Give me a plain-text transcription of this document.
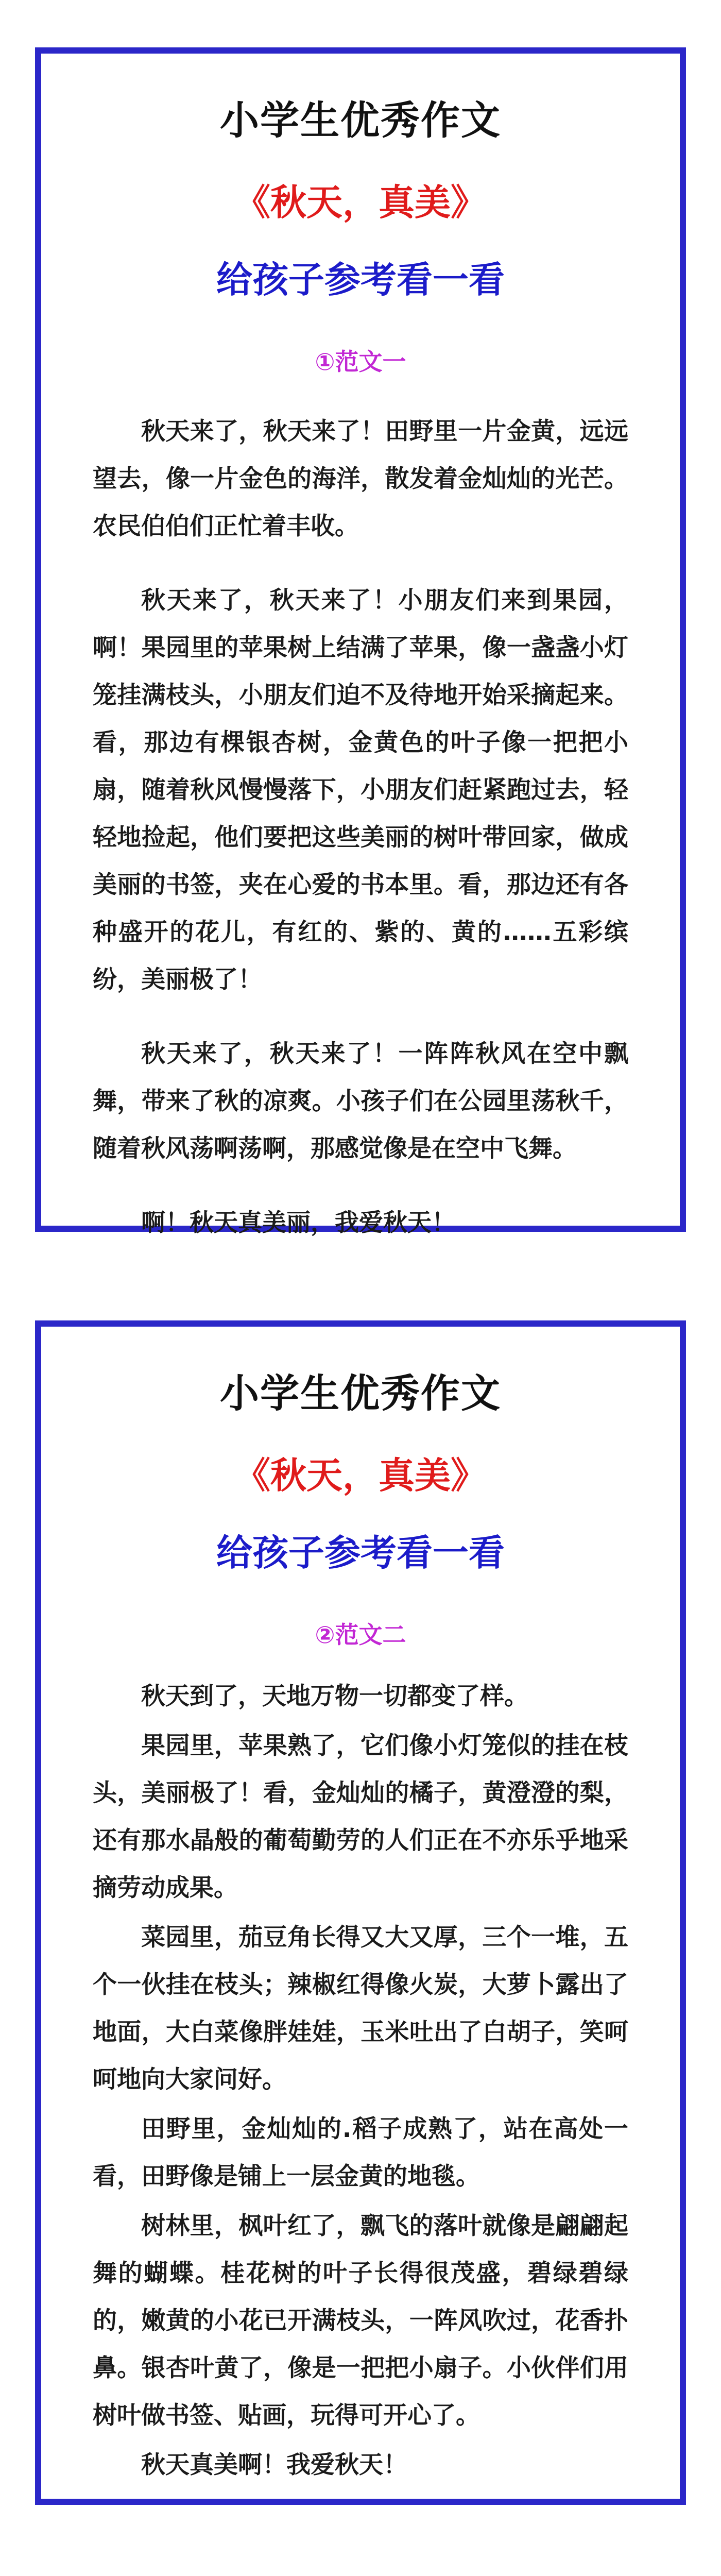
小学生优秀作文
《秋天，真美》
给孩子参考看一看
①范文一

秋天来了，秋天来了！田野里一片金黄，远远望去，像一片金色的海洋，散发着金灿灿的光芒。农民伯伯们正忙着丰收。

秋天来了，秋天来了！小朋友们来到果园，啊！果园里的苹果树上结满了苹果，像一盏盏小灯笼挂满枝头，小朋友们迫不及待地开始采摘起来。看，那边有棵银杏树，金黄色的叶子像一把把小扇，随着秋风慢慢落下，小朋友们赶紧跑过去，轻轻地捡起，他们要把这些美丽的树叶带回家，做成美丽的书签，夹在心爱的书本里。看，那边还有各种盛开的花儿，有红的、紫的、黄的……五彩缤纷，美丽极了！

秋天来了，秋天来了！一阵阵秋风在空中飘舞，带来了秋的凉爽。小孩子们在公园里荡秋千，随着秋风荡啊荡啊，那感觉像是在空中飞舞。

啊！秋天真美丽，我爱秋天！

小学生优秀作文
《秋天，真美》
给孩子参考看一看
②范文二

秋天到了，天地万物一切都变了样。

果园里，苹果熟了，它们像小灯笼似的挂在枝头，美丽极了！看，金灿灿的橘子，黄澄澄的梨，还有那水晶般的葡萄勤劳的人们正在不亦乐乎地采摘劳动成果。

菜园里，茄豆角长得又大又厚，三个一堆，五个一伙挂在枝头；辣椒红得像火炭，大萝卜露出了地面，大白菜像胖娃娃，玉米吐出了白胡子，笑呵呵地向大家问好。

田野里，金灿灿的.稻子成熟了，站在高处一看，田野像是铺上一层金黄的地毯。

树林里，枫叶红了，飘飞的落叶就像是翩翩起舞的蝴蝶。桂花树的叶子长得很茂盛，碧绿碧绿的，嫩黄的小花已开满枝头，一阵风吹过，花香扑鼻。银杏叶黄了，像是一把把小扇子。小伙伴们用树叶做书签、贴画，玩得可开心了。

秋天真美啊！我爱秋天！
